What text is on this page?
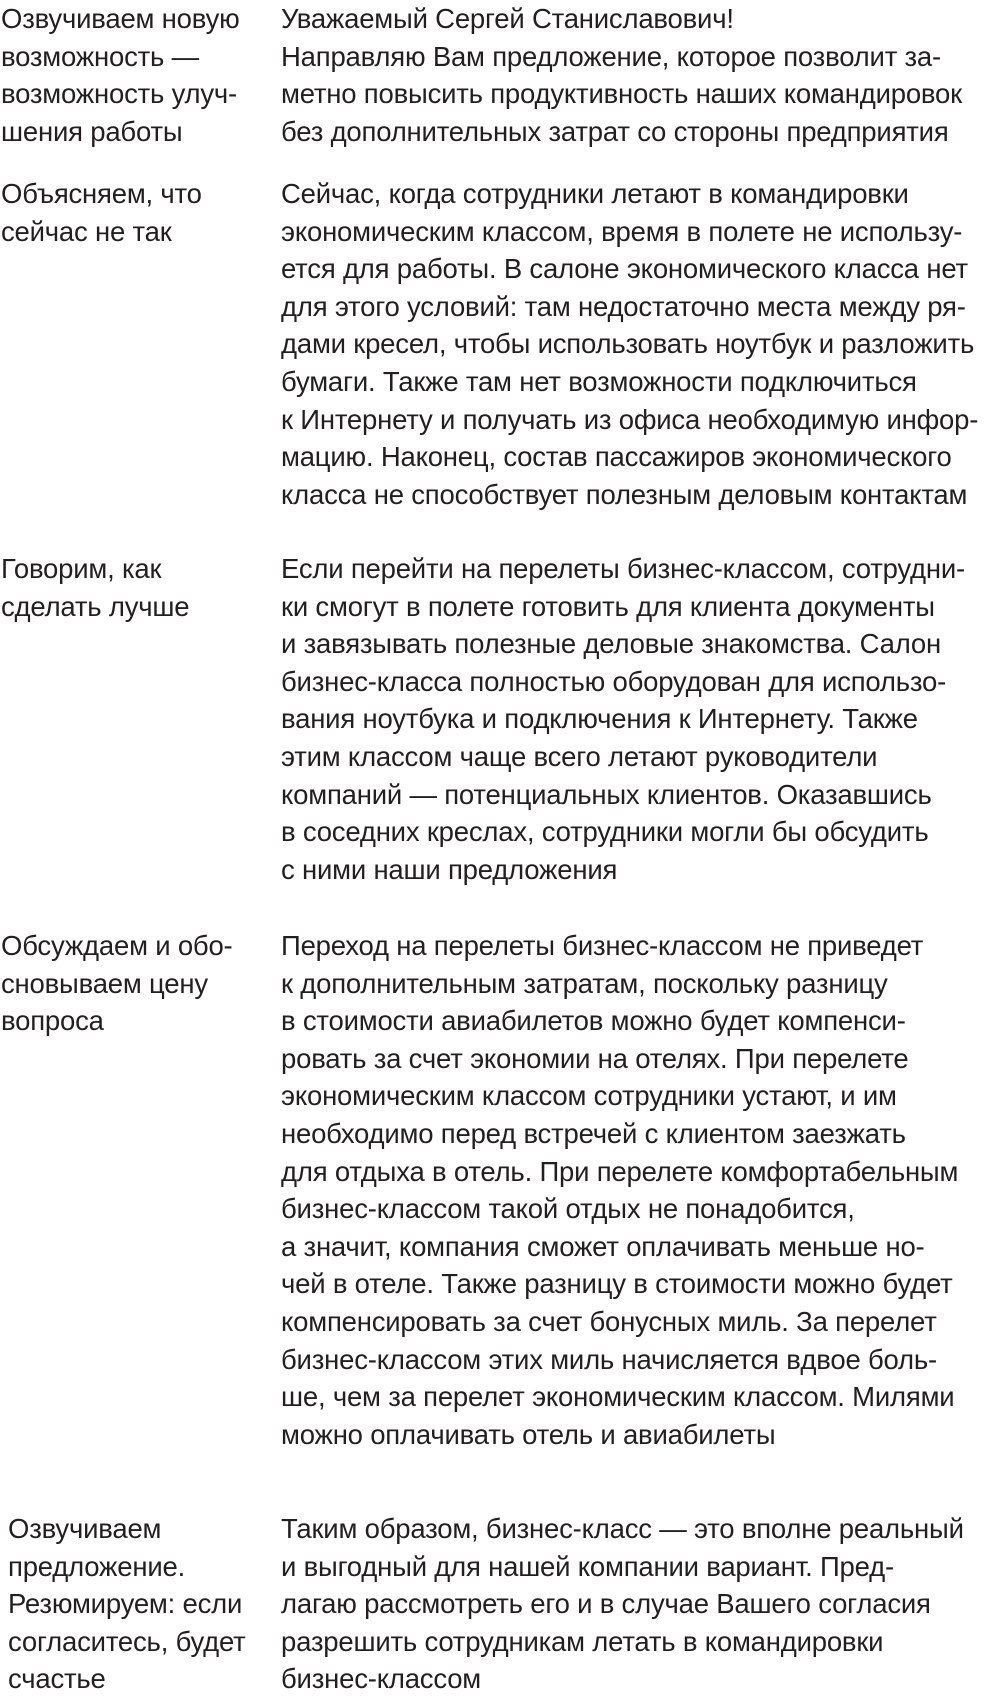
Озвучиваем новую
возможность —
возможность улуч-
шения работы
Уважаемый Сергей Станиславович!
Направляю Вам предложение, которое позволит за-
метно повысить продуктивность наших командировок
без дополнительных затрат со стороны предприятия
Объясняем, что
сейчас не так
Сейчас, когда сотрудники летают в командировки
экономическим классом, время в полете не использу-
ется для работы. В салоне экономического класса нет
для этого условий: там недостаточно места между ря-
дами кресел, чтобы использовать ноутбук и разложить
бумаги. Также там нет возможности подключиться
к Интернету и получать из офиса необходимую инфор-
мацию. Наконец, состав пассажиров экономического
класса не способствует полезным деловым контактам
Говорим, как
сделать лучше
Если перейти на перелеты бизнес-классом, сотрудни-
ки смогут в полете готовить для клиента документы
и завязывать полезные деловые знакомства. Салон
бизнес-класса полностью оборудован для использо-
вания ноутбука и подключения к Интернету. Также
этим классом чаще всего летают руководители
компаний — потенциальных клиентов. Оказавшись
в соседних креслах, сотрудники могли бы обсудить
с ними наши предложения
Обсуждаем и обо-
сновываем цену
вопроса
Переход на перелеты бизнес-классом не приведет
к дополнительным затратам, поскольку разницу
в стоимости авиабилетов можно будет компенси-
ровать за счет экономии на отелях. При перелете
экономическим классом сотрудники устают, и им
необходимо перед встречей с клиентом заезжать
для отдыха в отель. При перелете комфортабельным
бизнес-классом такой отдых не понадобится,
а значит, компания сможет оплачивать меньше но-
чей в отеле. Также разницу в стоимости можно будет
компенсировать за счет бонусных миль. За перелет
бизнес-классом этих миль начисляется вдвое боль-
ше, чем за перелет экономическим классом. Милями
можно оплачивать отель и авиабилеты
Озвучиваем
предложение.
Резюмируем: если
согласитесь, будет
счастье
Таким образом, бизнес-класс — это вполне реальный
и выгодный для нашей компании вариант. Пред-
лагаю рассмотреть его и в случае Вашего согласия
разрешить сотрудникам летать в командировки
бизнес-классом
